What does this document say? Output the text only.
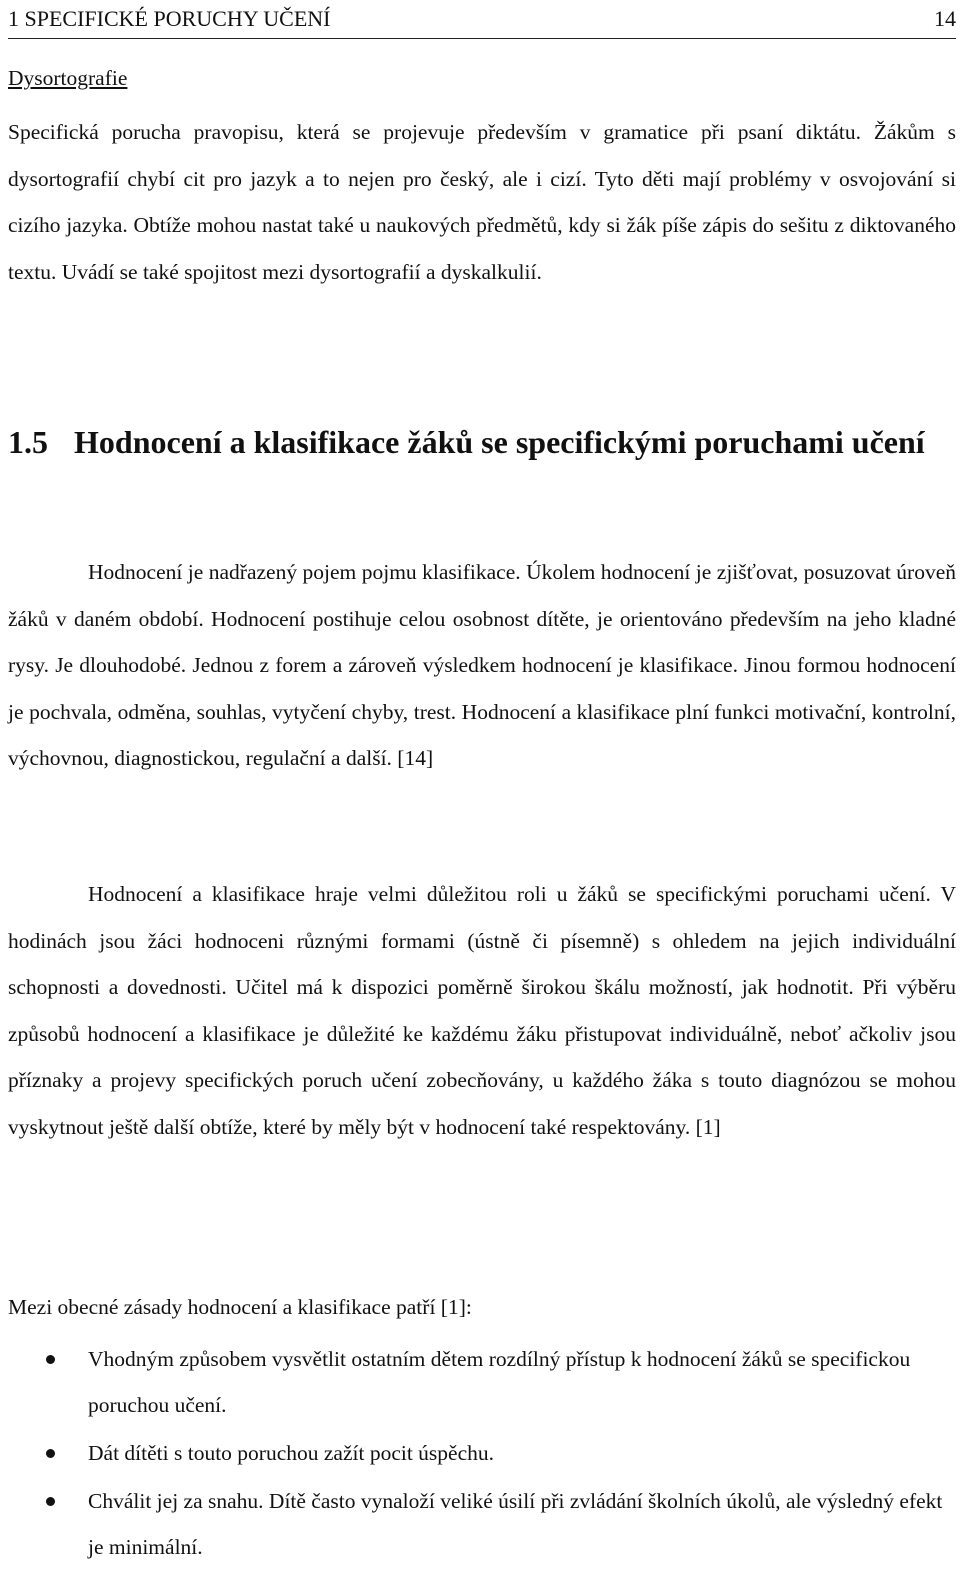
1 SPECIFICKÉ PORUCHY UČENÍ	14

Dysortografie

Specifická porucha pravopisu, která se projevuje především v gramatice při psaní diktátu. Žákům s dysortografií chybí cit pro jazyk a to nejen pro český, ale i cizí. Tyto děti mají problémy v osvojování si cizího jazyka. Obtíže mohou nastat také u naukových předmětů, kdy si žák píše zápis do sešitu z diktovaného textu. Uvádí se také spojitost mezi dysortografií a dyskalkulií.

1.5 Hodnocení a klasifikace žáků se specifickými poruchami učení

Hodnocení je nadřazený pojem pojmu klasifikace. Úkolem hodnocení je zjišťovat, posuzovat úroveň žáků v daném období. Hodnocení postihuje celou osobnost dítěte, je orientováno především na jeho kladné rysy. Je dlouhodobé. Jednou z forem a zároveň výsledkem hodnocení je klasifikace. Jinou formou hodnocení je pochvala, odměna, souhlas, vytyčení chyby, trest. Hodnocení a klasifikace plní funkci motivační, kontrolní, výchovnou, diagnostickou, regulační a další. [14]

Hodnocení a klasifikace hraje velmi důležitou roli u žáků se specifickými poruchami učení. V hodinách jsou žáci hodnoceni různými formami (ústně či písemně) s ohledem na jejich individuální schopnosti a dovednosti. Učitel má k dispozici poměrně širokou škálu možností, jak hodnotit. Při výběru způsobů hodnocení a klasifikace je důležité ke každému žáku přistupovat individuálně, neboť ačkoliv jsou příznaky a projevy specifických poruch učení zobecňovány, u každého žáka s touto diagnózou se mohou vyskytnout ještě další obtíže, které by měly být v hodnocení také respektovány. [1]

Mezi obecné zásady hodnocení a klasifikace patří [1]:

Vhodným způsobem vysvětlit ostatním dětem rozdílný přístup k hodnocení žáků se specifickou poruchou učení.
Dát dítěti s touto poruchou zažít pocit úspěchu.
Chválit jej za snahu. Dítě často vynaloží veliké úsilí při zvládání školních úkolů, ale výsledný efekt je minimální.
